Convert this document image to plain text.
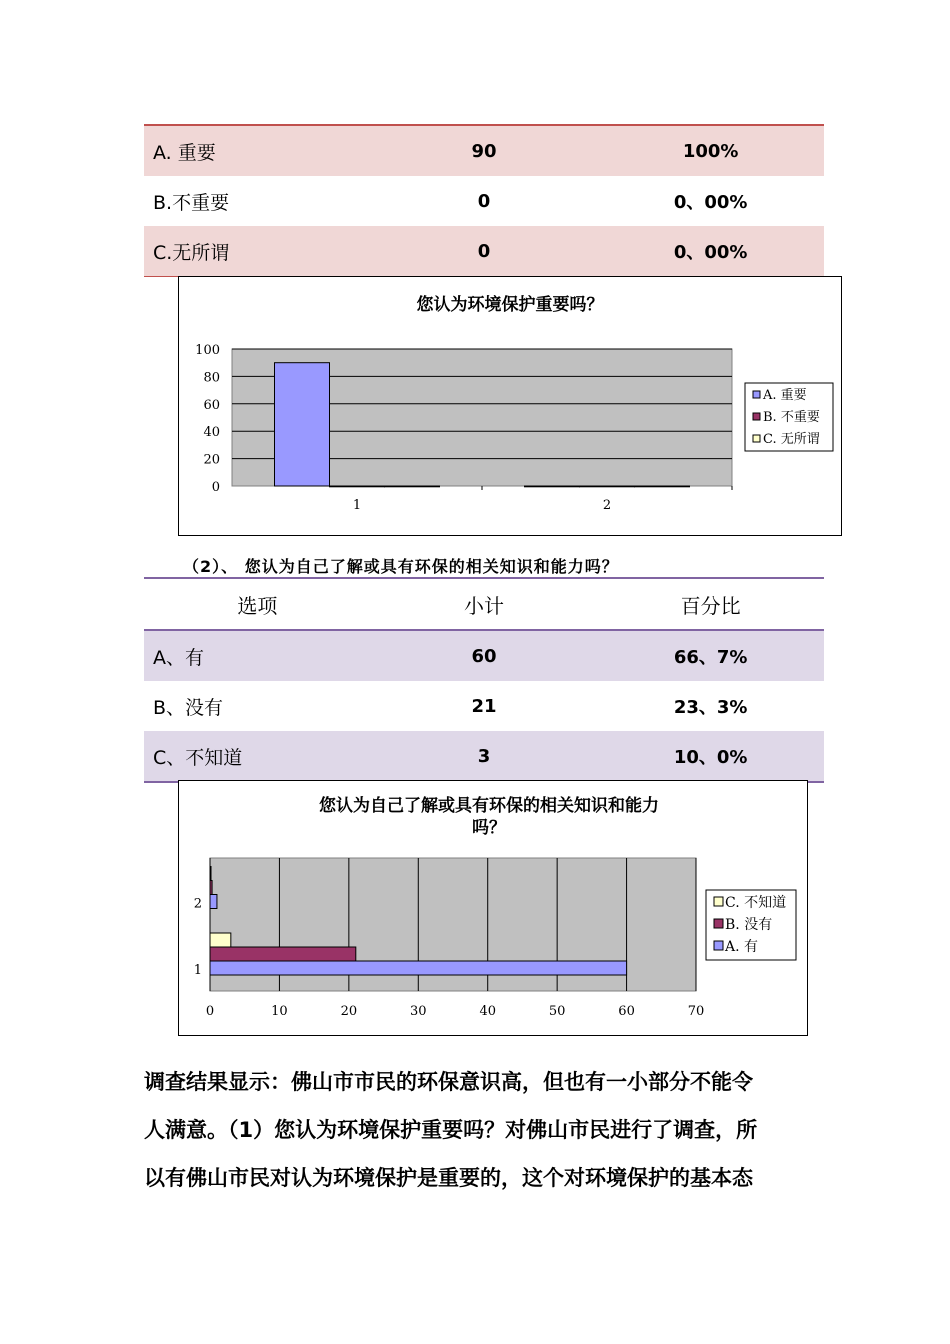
A. 重要	90	100%
B.不重要	0	0、00%
C.无所谓	0	0、00%
您认为环境保护重要吗？
0
20
40
60
80
100
1	2
A. 重要
B. 不重要
C. 无所谓
（2）、 您认为自己了解或具有环保的相关知识和能力吗？
选项	小计	百分比
A、有	60	66、7%
B、没有	21	23、3%
C、不知道	3	10、0%
您认为自己了解或具有环保的相关知识和能力
吗？
0	10	20	30	40	50	60	70
1
2	C. 不知道
B. 没有
A. 有

调查结果显示：佛山市市民的环保意识高，但也有一小部分不能令

人满意。（1）您认为环境保护重要吗？对佛山市民进行了调查，所

以有佛山市民对认为环境保护是重要的，这个对环境保护的基本态
